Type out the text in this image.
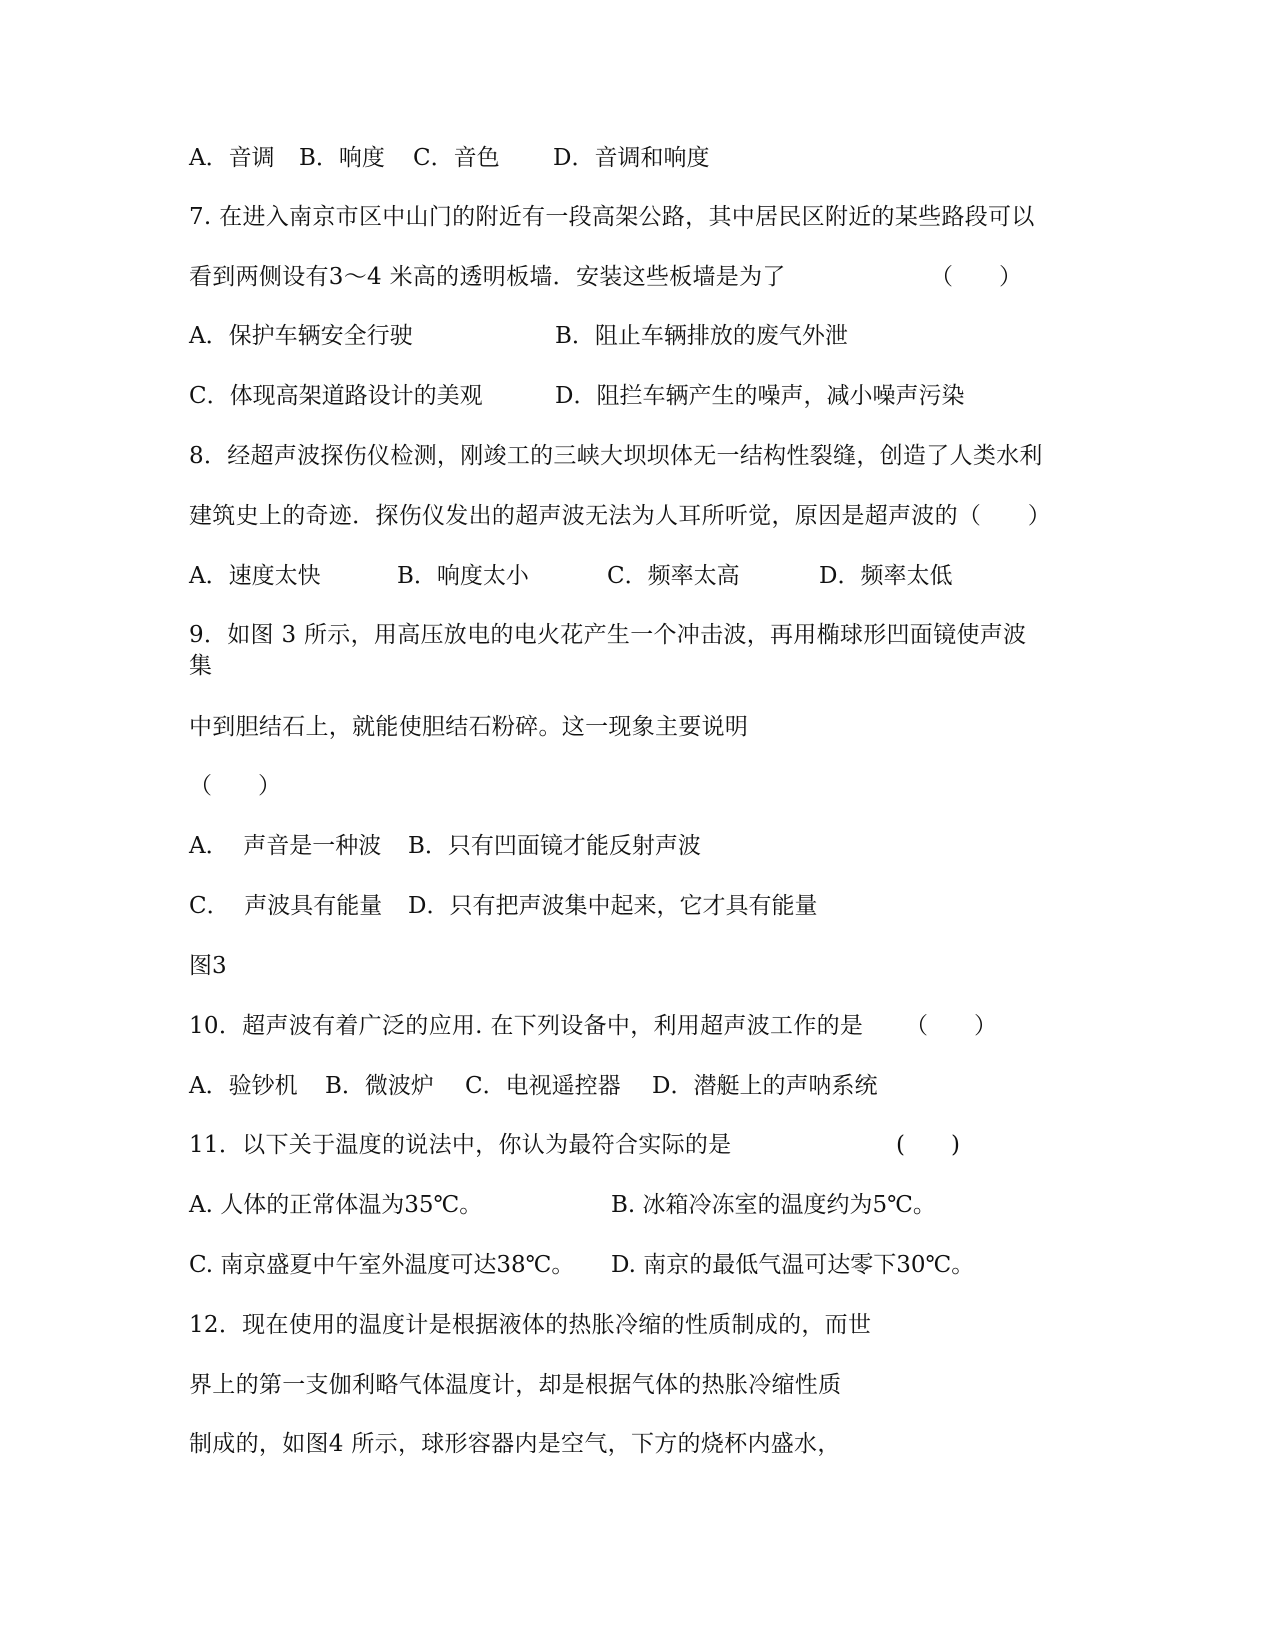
A．音调 B．响度 C．音色 D．音调和响度
7. 在进入南京市区中山门的附近有一段高架公路，其中居民区附近的某些路段可以
看到两侧设有3～4 米高的透明板墙．安装这些板墙是为了	（　　）
A．保护车辆安全行驶	B．阻止车辆排放的废气外泄
C．体现高架道路设计的美观	D．阻拦车辆产生的噪声，减小噪声污染
8．经超声波探伤仪检测，刚竣工的三峡大坝坝体无一结构性裂缝，创造了人类水利
建筑史上的奇迹．探伤仪发出的超声波无法为人耳所听觉，原因是超声波的（　　）
A．速度太快	B．响度太小	C．频率太高	D．频率太低
9．如图 3 所示，用高压放电的电火花产生一个冲击波，再用椭球形凹面镜使声波
集
中到胆结石上，就能使胆结石粉碎。这一现象主要说明
（　　）
A．  声音是一种波 B．只有凹面镜才能反射声波
C．  声波具有能量 D．只有把声波集中起来，它才具有能量
图3
10．超声波有着广泛的应用. 在下列设备中，利用超声波工作的是 （　　）
A．验钞机 B．微波炉 C．电视遥控器 D．潜艇上的声呐系统
11．以下关于温度的说法中，你认为最符合实际的是	(　　)
A. 人体的正常体温为35℃。	B. 冰箱冷冻室的温度约为5℃。
C. 南京盛夏中午室外温度可达38℃。 D. 南京的最低气温可达零下30℃。
12．现在使用的温度计是根据液体的热胀冷缩的性质制成的，而世
界上的第一支伽利略气体温度计，却是根据气体的热胀冷缩性质
制成的，如图4 所示，球形容器内是空气，下方的烧杯内盛水，
